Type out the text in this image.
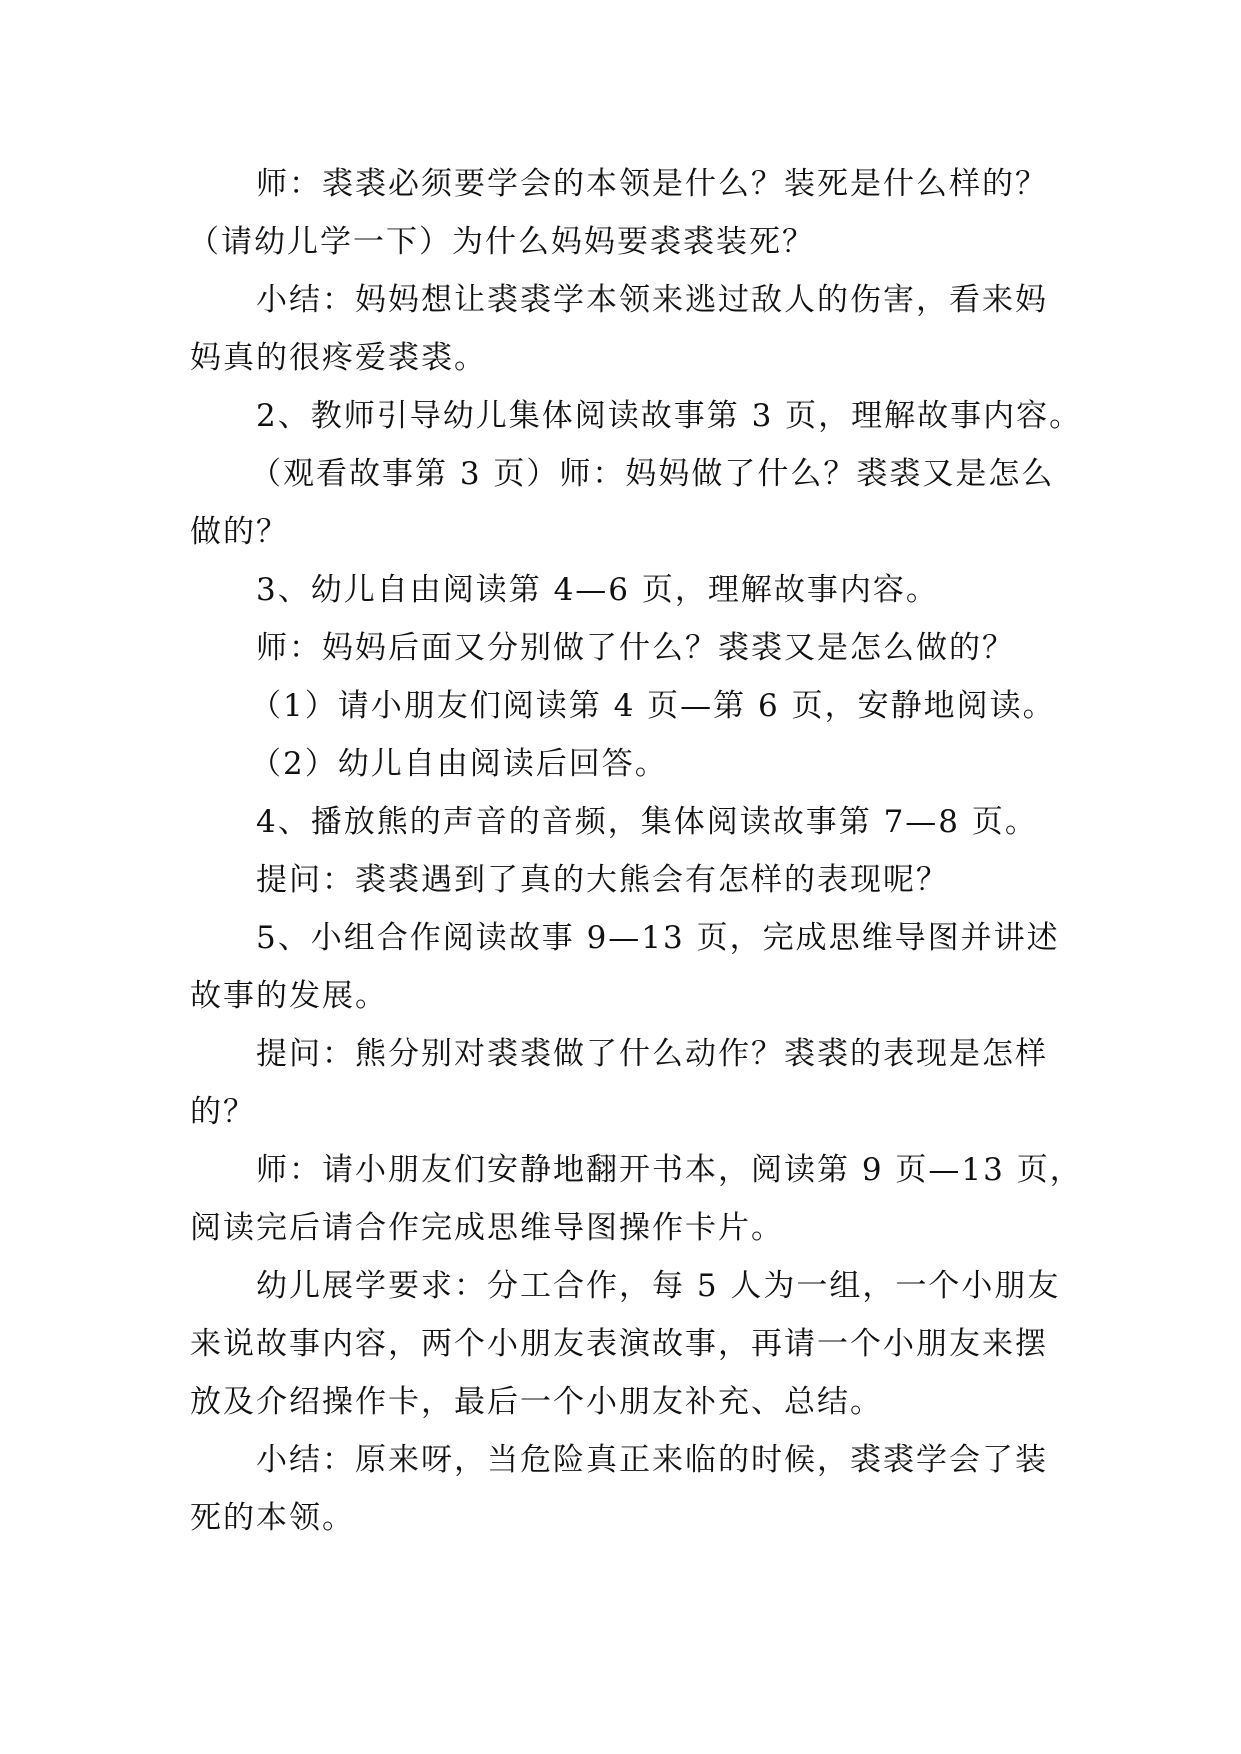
师：裘裘必须要学会的本领是什么？装死是什么样的？
（请幼儿学一下）为什么妈妈要裘裘装死？
小结：妈妈想让裘裘学本领来逃过敌人的伤害，看来妈
妈真的很疼爱裘裘。
2、教师引导幼儿集体阅读故事第 3 页，理解故事内容。
（观看故事第 3 页）师：妈妈做了什么？裘裘又是怎么
做的？
3、幼儿自由阅读第 4—6 页，理解故事内容。
师：妈妈后面又分别做了什么？裘裘又是怎么做的？
（1）请小朋友们阅读第 4 页—第 6 页，安静地阅读。
（2）幼儿自由阅读后回答。
4、播放熊的声音的音频，集体阅读故事第 7—8 页。
提问：裘裘遇到了真的大熊会有怎样的表现呢？
5、小组合作阅读故事 9—13 页，完成思维导图并讲述
故事的发展。
提问：熊分别对裘裘做了什么动作？裘裘的表现是怎样
的？
师：请小朋友们安静地翻开书本，阅读第 9 页—13 页，
阅读完后请合作完成思维导图操作卡片。
幼儿展学要求：分工合作，每 5 人为一组，一个小朋友
来说故事内容，两个小朋友表演故事，再请一个小朋友来摆
放及介绍操作卡，最后一个小朋友补充、总结。
小结：原来呀，当危险真正来临的时候，裘裘学会了装
死的本领。
